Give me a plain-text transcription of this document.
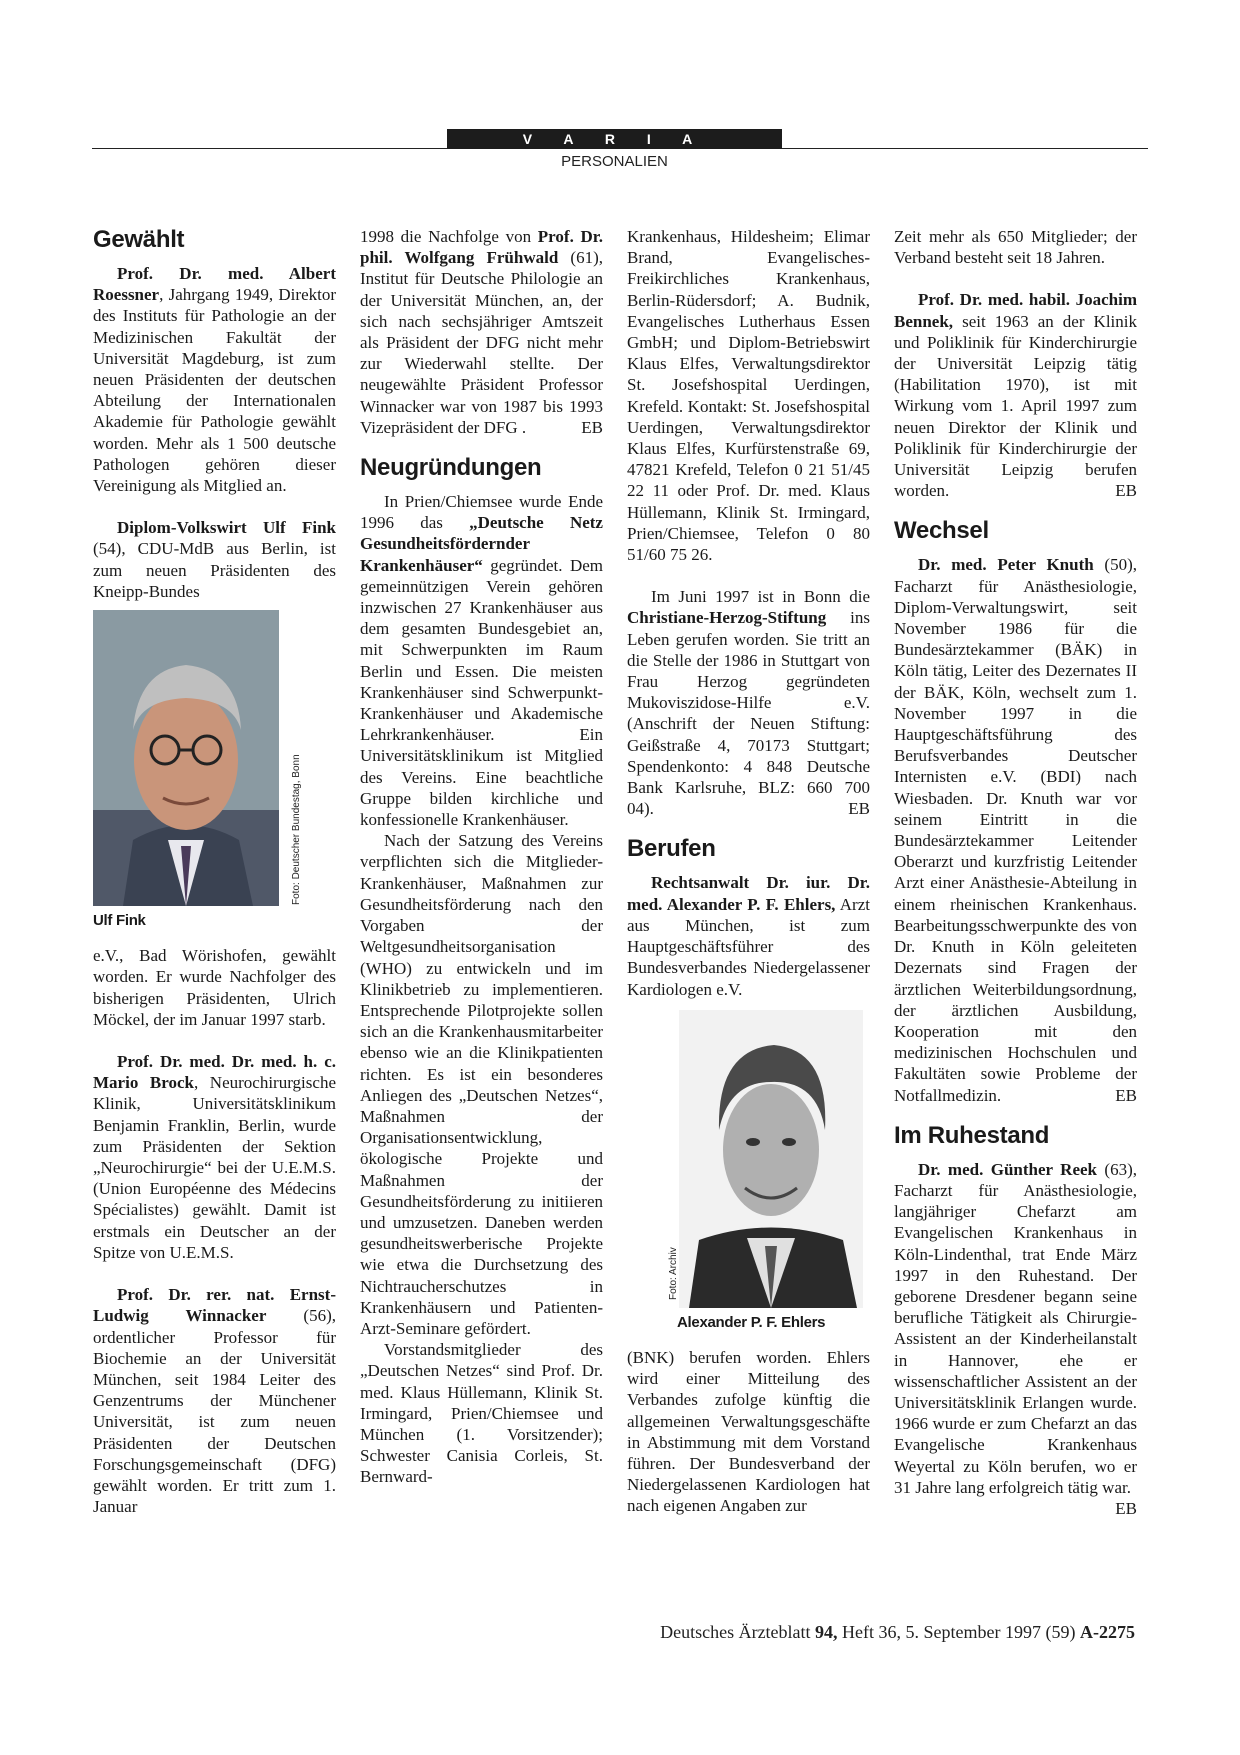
V A R I A
PERSONALIEN
Gewählt

Prof. Dr. med. Albert Roessner, Jahrgang 1949, Direktor des Instituts für Pathologie an der Medizinischen Fakultät der Universität Magdeburg, ist zum neuen Präsidenten der deutschen Abteilung der Internationalen Akademie für Pathologie gewählt worden. Mehr als 1 500 deutsche Pathologen gehören dieser Vereinigung als Mitglied an.

Diplom-Volkswirt Ulf Fink (54), CDU-MdB aus Berlin, ist zum neuen Präsidenten des Kneipp-Bundes

Foto: Deutscher Bundestag, Bonn
Ulf Fink

e.V., Bad Wörishofen, gewählt worden. Er wurde Nachfolger des bisherigen Präsidenten, Ulrich Möckel, der im Januar 1997 starb.

Prof. Dr. med. Dr. med. h. c. Mario Brock, Neurochirurgische Klinik, Universitätsklinikum Benjamin Franklin, Berlin, wurde zum Präsidenten der Sektion „Neurochirurgie“ bei der U.E.M.S. (Union Européenne des Médecins Spécialistes) gewählt. Damit ist erstmals ein Deutscher an der Spitze von U.E.M.S.

Prof. Dr. rer. nat. Ernst-Ludwig Winnacker (56), ordentlicher Professor für Biochemie an der Universität München, seit 1984 Leiter des Genzentrums der Münchener Universität, ist zum neuen Präsidenten der Deutschen Forschungsgemeinschaft (DFG) gewählt worden. Er tritt zum 1. Januar

1998 die Nachfolge von Prof. Dr. phil. Wolfgang Frühwald (61), Institut für Deutsche Philologie an der Universität München, an, der sich nach sechsjähriger Amtszeit als Präsident der DFG nicht mehr zur Wiederwahl stellte. Der neugewählte Präsident Professor Winnacker war von 1987 bis 1993 Vizepräsident der DFG .	EB

Neugründungen

In Prien/Chiemsee wurde Ende 1996 das „Deutsche Netz Gesundheitsfördernder Krankenhäuser“ gegründet. Dem gemeinnützigen Verein gehören inzwischen 27 Krankenhäuser aus dem gesamten Bundesgebiet an, mit Schwerpunkten im Raum Berlin und Essen. Die meisten Krankenhäuser sind Schwerpunkt-Krankenhäuser und Akademische Lehrkrankenhäuser. Ein Universitätsklinikum ist Mitglied des Vereins. Eine beachtliche Gruppe bilden kirchliche und konfessionelle Krankenhäuser.

Nach der Satzung des Vereins verpflichten sich die Mitglieder-Krankenhäuser, Maßnahmen zur Gesundheitsförderung nach den Vorgaben der Weltgesundheitsorganisation (WHO) zu entwickeln und im Klinikbetrieb zu implementieren. Entsprechende Pilotprojekte sollen sich an die Krankenhausmitarbeiter ebenso wie an die Klinikpatienten richten. Es ist ein besonderes Anliegen des „Deutschen Netzes“, Maßnahmen der Organisationsentwicklung, ökologische Projekte und Maßnahmen der Gesundheitsförderung zu initiieren und umzusetzen. Daneben werden gesundheitswerberische Projekte wie etwa die Durchsetzung des Nichtraucherschutzes in Krankenhäusern und Patienten-Arzt-Seminare gefördert.

Vorstandsmitglieder des „Deutschen Netzes“ sind Prof. Dr. med. Klaus Hüllemann, Klinik St. Irmingard, Prien/Chiemsee und München (1. Vorsitzender); Schwester Canisia Corleis, St. Bernward-

Krankenhaus, Hildesheim; Elimar Brand, Evangelisches-Freikirchliches Krankenhaus, Berlin-Rüdersdorf; A. Budnik, Evangelisches Lutherhaus Essen GmbH; und Diplom-Betriebswirt Klaus Elfes, Verwaltungsdirektor St. Josefshospital Uerdingen, Krefeld. Kontakt: St. Josefshospital Uerdingen, Verwaltungsdirektor Klaus Elfes, Kurfürstenstraße 69, 47821 Krefeld, Telefon 0 21 51/45 22 11 oder Prof. Dr. med. Klaus Hüllemann, Klinik St. Irmingard, Prien/Chiemsee, Telefon 0 80 51/60 75 26.

Im Juni 1997 ist in Bonn die Christiane-Herzog-Stiftung ins Leben gerufen worden. Sie tritt an die Stelle der 1986 in Stuttgart von Frau Herzog gegründeten Mukoviszidose-Hilfe e.V. (Anschrift der Neuen Stiftung: Geißstraße 4, 70173 Stuttgart; Spendenkonto: 4 848 Deutsche Bank Karlsruhe, BLZ: 660 700 04).	EB

Berufen

Rechtsanwalt Dr. iur. Dr. med. Alexander P. F. Ehlers, Arzt aus München, ist zum Hauptgeschäftsführer des Bundesverbandes Niedergelassener Kardiologen e.V.

Foto: Archiv
Alexander P. F. Ehlers

(BNK) berufen worden. Ehlers wird einer Mitteilung des Verbandes zufolge künftig die allgemeinen Verwaltungsgeschäfte in Abstimmung mit dem Vorstand führen. Der Bundesverband der Niedergelassenen Kardiologen hat nach eigenen Angaben zur

Zeit mehr als 650 Mitglieder; der Verband besteht seit 18 Jahren.

Prof. Dr. med. habil. Joachim Bennek, seit 1963 an der Klinik und Poliklinik für Kinderchirurgie der Universität Leipzig tätig (Habilitation 1970), ist mit Wirkung vom 1. April 1997 zum neuen Direktor der Klinik und Poliklinik für Kinderchirurgie der Universität Leipzig berufen worden.	EB

Wechsel

Dr. med. Peter Knuth (50), Facharzt für Anästhesiologie, Diplom-Verwaltungswirt, seit November 1986 für die Bundesärztekammer (BÄK) in Köln tätig, Leiter des Dezernates II der BÄK, Köln, wechselt zum 1. November 1997 in die Hauptgeschäftsführung des Berufsverbandes Deutscher Internisten e.V. (BDI) nach Wiesbaden. Dr. Knuth war vor seinem Eintritt in die Bundesärztekammer Leitender Oberarzt und kurzfristig Leitender Arzt einer Anästhesie-Abteilung in einem rheinischen Krankenhaus. Bearbeitungsschwerpunkte des von Dr. Knuth in Köln geleiteten Dezernats sind Fragen der ärztlichen Weiterbildungsordnung, der ärztlichen Ausbildung, Kooperation mit den medizinischen Hochschulen und Fakultäten sowie Probleme der Notfallmedizin.	EB

Im Ruhestand

Dr. med. Günther Reek (63), Facharzt für Anästhesiologie, langjähriger Chefarzt am Evangelischen Krankenhaus in Köln-Lindenthal, trat Ende März 1997 in den Ruhestand. Der geborene Dresdener begann seine berufliche Tätigkeit als Chirurgie-Assistent an der Kinderheilanstalt in Hannover, ehe er wissenschaftlicher Assistent an der Universitätsklinik Erlangen wurde. 1966 wurde er zum Chefarzt an das Evangelische Krankenhaus Weyertal zu Köln berufen, wo er 31 Jahre lang erfolgreich tätig war.
EB

Deutsches Ärzteblatt 94, Heft 36, 5. September 1997 (59) A-2275
